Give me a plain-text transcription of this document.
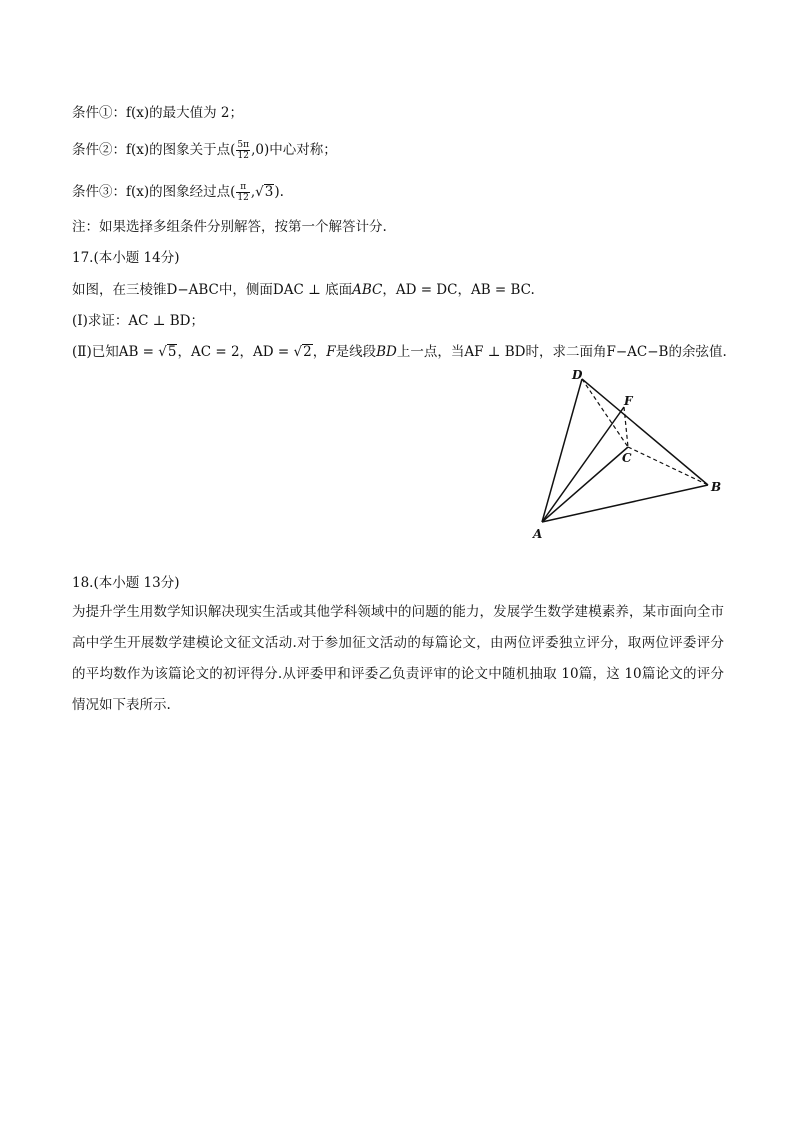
条件①：f(x)的最大值为 2；
条件②：f(x)的图象关于点( $\frac{5\pi}{12} ,0$)中心对称；
条件③：f(x)的图象经过点( $\frac{\pi}{12} ,√3$).
注：如果选择多组条件分别解答，按第一个解答计分.
17.(本小题 14分)
如图，在三棱锥D−ABC中，侧面DAC ⊥ 底面ABC，AD = DC，AB = BC.
(Ⅰ)求证：AC ⊥ BD；
(Ⅱ)已知AB = √5，AC = 2，AD = √2，F是线段BD上一点，当AF ⊥ BD时，求二面角F−AC−B的余弦值.
D
F
C
B
A
18.(本小题 13分)
为提升学生用数学知识解决现实生活或其他学科领域中的问题的能力，发展学生数学建模素养，某市面向全市高中学生开展数学建模论文征文活动.对于参加征文活动的每篇论文，由两位评委独立评分，取两位评委评分的平均数作为该篇论文的初评得分.从评委甲和评委乙负责评审的论文中随机抽取 10篇，这 10篇论文的评分情况如下表所示.
